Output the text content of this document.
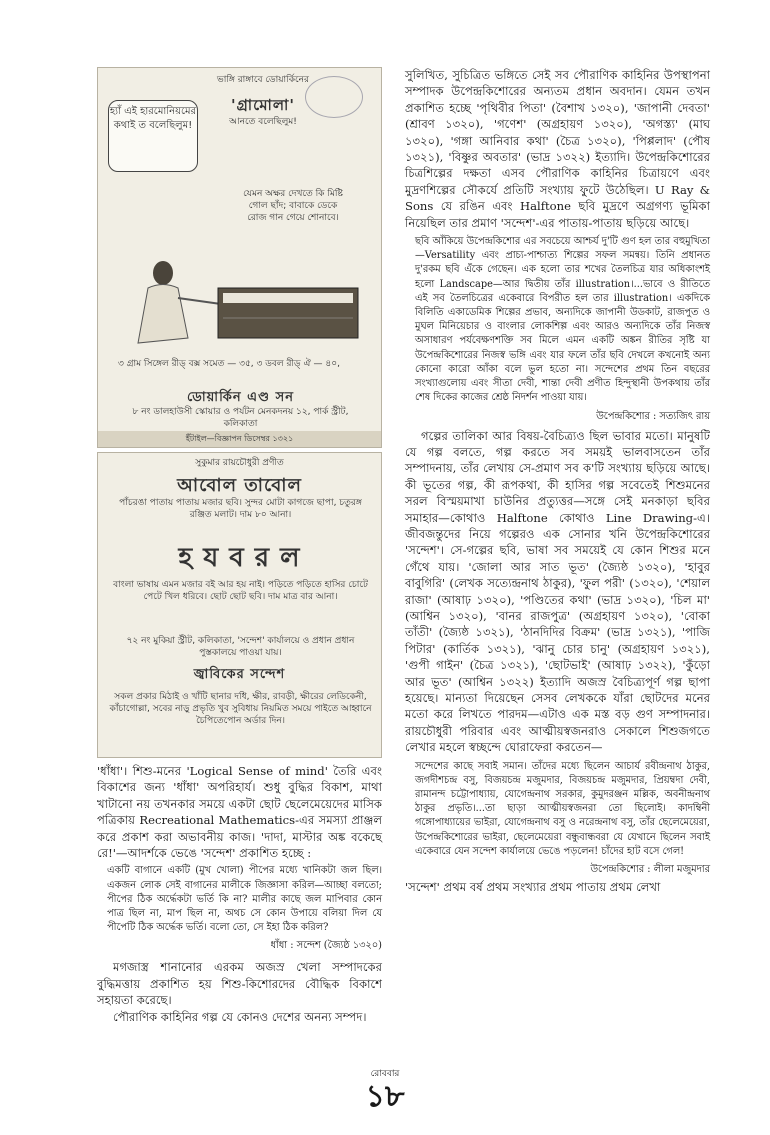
হ্যাঁ এই হারমোনিয়মের কথাই ত বলেছিলুম!
ভাঙ্গি রাঙ্গাবে ডোয়ার্কিনের
'গ্রামোলা'
আনতে বলেছিলুম!
যেমন অক্ষর দেখতে কি মিষ্টি গোল ছাঁদ; বাবাকে ডেকে রোজ গান গেয়ে শোনাবে।
৩ গ্রাম সিঙ্গেল রীড্ বক্স সমেত — ৩৫, ৩ ডবল রীড্ ঐ — ৪০,
ডোয়ার্কিন এণ্ড সন
৮ নং ডালহাউসী স্কোয়ার ও পর্যটন মেনকদনয় ১২, পার্ক স্ট্রীট, কলিকাতা
ইঁটাইল—বিজ্ঞাপন ডিসেম্বর ১৩২১
সুকুমার রায়চৌধুরী প্রণীত
আবোল তাবোল
পাঁচরঙা পাতায় পাতায় মজার ছবি। সুন্দর মোটা কাগজে ছাপা, চতুরঙ্গ রঞ্জিত মলাট। দাম ৮০ আনা।
হ য ব র ল
বাংলা ভাষায় এমন মজার বই আর হয় নাই। পড়িতে পড়িতে হাসির চোটে পেটে খিল ধরিবে। ছোট ছোট ছবি। দাম মাত্র বার আনা।
৭২ নং মুকিয়া স্ট্রীট, কলিকাতা, 'সন্দেশ' কার্যালয়ে ও প্রধান প্রধান পুস্তকালয়ে পাওয়া যায়।
জ্বাবিকের সন্দেশ
সকল প্রকার মিঠাই ও খাঁটি ছানার দধি, ক্ষীর, রাবড়ী, ক্ষীরের লেডিকেনী, কাঁচাগোল্লা, সবের নাড়ু প্রভৃতি খুব সুবিধায় নিয়মিত সময়ে পাইতে আহ্বানে চৈপিতেপোন অর্ডার দিন।

'ধাঁধা'। শিশু-মনের 'Logical Sense of mind' তৈরি এবং বিকাশের জন্য 'ধাঁধা' অপরিহার্য। শুধু বুদ্ধির বিকাশ, মাথা খাটানো নয় তখনকার সময়ে একটা ছোট ছেলেমেয়েদের মাসিক পত্রিকায় Recreational Mathematics-এর সমস্যা প্রাঞ্জল করে প্রকাশ করা অভাবনীয় কাজ। 'দাদা, মাস্টার অঙ্ক বকেছে রে!'—আদর্শকে ভেঙে 'সন্দেশ' প্রকাশিত হচ্ছে :

একটি বাগানে একটি (মুখ খোলা) পীপের মধ্যে খানিকটা জল ছিল। একজন লোক সেই বাগানের মালীকে জিজ্ঞাসা করিল—আচ্ছা বলতো; পীপের ঠিক অর্দ্ধেকটা ভর্তি কি না? মালীর কাছে জল মাপিবার কোন পাত্র ছিল না, মাপ ছিল না, অথচ সে কোন উপায়ে বলিয়া দিল যে পীপেটি ঠিক অর্দ্ধেক ভর্তি। বলো তো, সে ইহা ঠিক করিল?

ধাঁধা : সন্দেশ (জ্যৈষ্ঠ ১৩২০)

মগজাস্ত্র শানানোর এরকম অজস্র খেলা সম্পাদকের বুদ্ধিমত্তায় প্রকাশিত হয় শিশু-কিশোরদের বৌদ্ধিক বিকাশে সহায়তা করেছে।

পৌরাণিক কাহিনির গল্প যে কোনও দেশের অনন্য সম্পদ।

সুলিখিত, সুচিত্রিত ভঙ্গিতে সেই সব পৌরাণিক কাহিনির উপস্থাপনা সম্পাদক উপেন্দ্রকিশোরের অন্যতম প্রধান অবদান। যেমন তখন প্রকাশিত হচ্ছে 'পৃথিবীর পিতা' (বৈশাখ ১৩২০), 'জাপানী দেবতা' (শ্রাবণ ১৩২০), 'গণেশ' (অগ্রহায়ণ ১৩২০), 'অগস্ত্য' (মাঘ ১৩২০), 'গঙ্গা আনিবার কথা' (চৈত্র ১৩২০), 'পিপ্পলাদ' (পৌষ ১৩২১), 'বিষ্ণুর অবতার' (ভাদ্র ১৩২২) ইত্যাদি। উপেন্দ্রকিশোরের চিত্রশিল্পের দক্ষতা এসব পৌরাণিক কাহিনির চিত্রায়ণে এবং মুদ্রণশিল্পের সৌকর্যে প্রতিটি সংখ্যায় ফুটে উঠেছিল। U Ray & Sons যে রঙিন এবং Halftone ছবি মুদ্রণে অগ্রগণ্য ভূমিকা নিয়েছিল তার প্রমাণ 'সন্দেশ'-এর পাতায়-পাতায় ছড়িয়ে আছে।

ছবি আঁকিয়ে উপেন্দ্রকিশোর এর সবচেয়ে আশ্চর্য দু'টি গুণ হল তার বহুমুখিতা—Versatility এবং প্রাচ্য-পাশ্চাত্য শিল্পের সফল সমন্বয়। তিনি প্রধানত দু'রকম ছবি এঁকে গেছেন। এক হলো তার শখের তৈলচিত্র যার অধিকাংশই হলো Landscape—আর দ্বিতীয় তাঁর illustration।...ভাবে ও রীতিতে এই সব তৈলচিত্রের একেবারে বিপরীত হল তার illustration। একদিকে বিলিতি একাডেমিক শিল্পের প্রভাব, অন্যদিকে জাপানী উডকাট, রাজপুত ও মুঘল মিনিয়েচার ও বাংলার লোকশিল্প এবং আরও অন্যদিকে তাঁর নিজস্ব অসাধারণ পর্যবেক্ষণশক্তি সব মিলে এমন একটি অঙ্কন রীতির সৃষ্টি যা উপেন্দ্রকিশোরের নিজস্ব ভঙ্গি এবং যার ফলে তাঁর ছবি দেখলে কখনোই অন্য কোনো কারো আঁকা বলে ভুল হতো না। সন্দেশের প্রথম তিন বছরের সংখ্যাগুলোয় এবং সীতা দেবী, শান্তা দেবী প্রণীত হিন্দুস্থানী উপকথায় তাঁর শেষ দিকের কাজের শ্রেষ্ঠ নিদর্শন পাওয়া যায়।

উপেন্দ্রকিশোর : সত্যজিৎ রায়

গল্পের তালিকা আর বিষয়-বৈচিত্র্যও ছিল ভাবার মতো। মানুষটি যে গল্প বলতে, গল্প করতে সব সময়ই ভালবাসতেন তাঁর সম্পাদনায়, তাঁর লেখায় সে-প্রমাণ সব ক'টি সংখ্যায় ছড়িয়ে আছে। কী ভূতের গল্প, কী রূপকথা, কী হাসির গল্প সবেতেই শিশুমনের সরল বিস্ময়মাখা চাউনির প্রত্যুত্তর—সঙ্গে সেই মনকাড়া ছবির সমাহার—কোথাও Halftone কোথাও Line Drawing-এ। জীবজন্তুদের নিয়ে গল্পেরও এক সোনার খনি উপেন্দ্রকিশোরের 'সন্দেশ'। সে-গল্পের ছবি, ভাষা সব সময়েই যে কোন শিশুর মনে গেঁথে যায়। 'জোলা আর সাত ভূত' (জ্যৈষ্ঠ ১৩২০), 'হাবুর বাবুগিরি' (লেখক সত্যেন্দ্রনাথ ঠাকুর), 'ফুল পরী' (১৩২০), 'শেয়াল রাজা' (আষাঢ় ১৩২০), 'পণ্ডিতের কথা' (ভাদ্র ১৩২০), 'চিল মা' (আশ্বিন ১৩২০), 'বানর রাজপুত্র' (অগ্রহায়ণ ১৩২০), 'বোকা তাঁতী' (জ্যৈষ্ঠ ১৩২১), 'ঠানদিদির বিক্রম' (ভাদ্র ১৩২১), 'পাজি পিটার' (কার্তিক ১৩২১), 'ঝানু চোর চানু' (অগ্রহায়ণ ১৩২১), 'গুপী গাইন' (চৈত্র ১৩২১), 'ছোটভাই' (আষাঢ় ১৩২২), 'কুঁড়ো আর ভূত' (আশ্বিন ১৩২২) ইত্যাদি অজস্র বৈচিত্র্যপূর্ণ গল্প ছাপা হয়েছে। মান্যতা দিয়েছেন সেসব লেখককে যাঁরা ছোটদের মনের মতো করে লিখতে পারদম—এটাও এক মস্ত বড় গুণ সম্পাদনার। রায়চৌধুরী পরিবার এবং আত্মীয়স্বজনরাও সেকালে শিশুজগতে লেখার মহলে স্বচ্ছন্দে ঘোরাফেরা করতেন—

সন্দেশের কাছে সবাই সমান। তাঁদের মধ্যে ছিলেন আচার্য রবীন্দ্রনাথ ঠাকুর, জগদীশচন্দ্র বসু, বিজয়চন্দ্র মজুমদার, বিজয়চন্দ্র মজুমদার, প্রিয়ম্বদা দেবী, রামানন্দ চট্টোপাধ্যায়, যোগেন্দ্রনাথ সরকার, কুমুদরঞ্জন মল্লিক, অবনীন্দ্রনাথ ঠাকুর প্রভৃতি।...তা ছাড়া আত্মীয়স্বজনরা তো ছিলোই। কাদম্বিনী গঙ্গোপাধ্যায়ের ভাইরা, যোগেন্দ্রনাথ বসু ও নরেন্দ্রনাথ বসু, তাঁর ছেলেমেয়েরা, উপেন্দ্রকিশোরের ভাইরা, ছেলেমেয়েরা বন্ধুবান্ধবরা যে যেখানে ছিলেন সবাই একেবারে যেন সন্দেশ কার্যালয়ে ভেঙে পড়লেন! চাঁদের হাট বসে গেল!

উপেন্দ্রকিশোর : লীলা মজুমদার

'সন্দেশ' প্রথম বর্ষ প্রথম সংখ্যার প্রথম পাতায় প্রথম লেখা

রোববার
১৮
